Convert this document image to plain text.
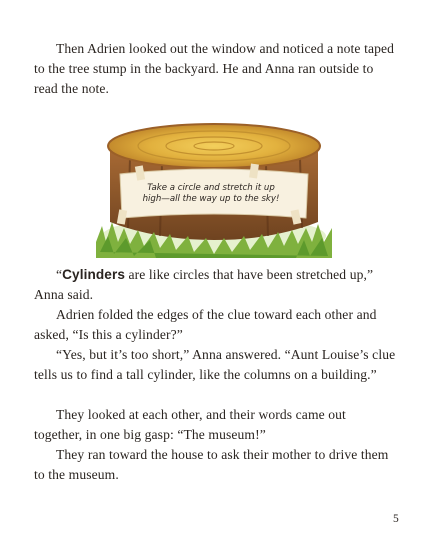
Then Adrien looked out the window and noticed a note taped to the tree stump in the backyard. He and Anna ran outside to read the note.

Take a circle and stretch it up
high—all the way up to the sky!

“Cylinders are like circles that have been stretched up,” Anna said.

Adrien folded the edges of the clue toward each other and asked, “Is this a cylinder?”

“Yes, but it’s too short,” Anna answered. “Aunt Louise’s clue tells us to find a tall cylinder, like the columns on a building.”

They looked at each other, and their words came out together, in one big gasp: “The museum!”

They ran toward the house to ask their mother to drive them to the museum.

5
